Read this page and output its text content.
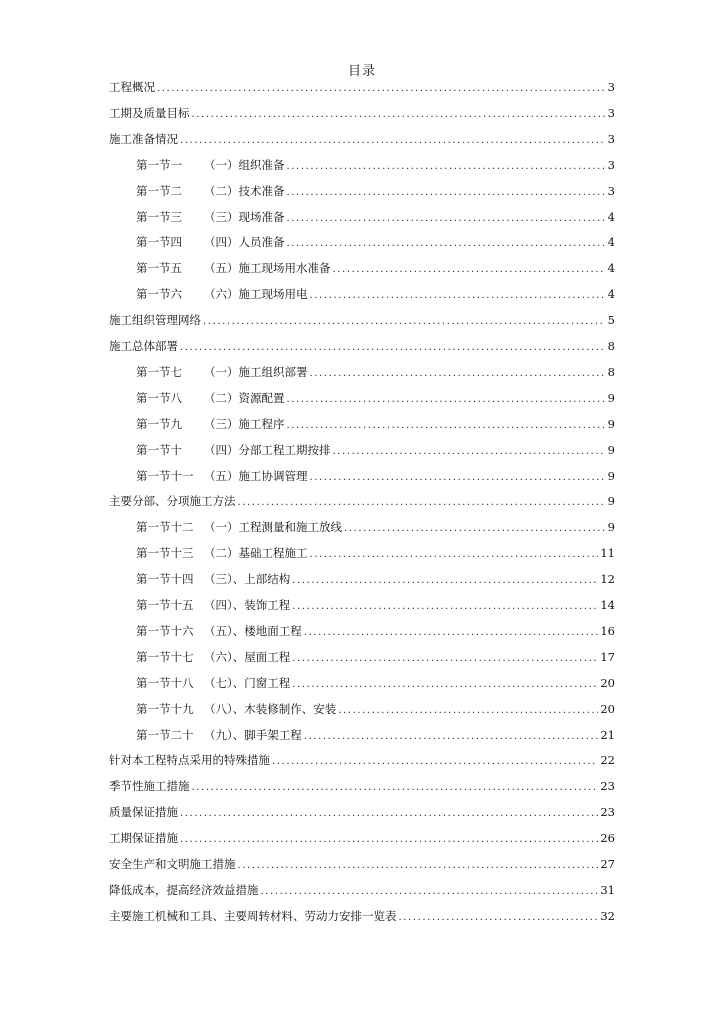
目录
工程概况 .....	3
工期及质量目标 .....	3
施工准备情况 .....	3
第一节一	（一）组织准备 .....	3
第一节二	（二）技术准备 .....	3
第一节三	（三）现场准备 .....	4
第一节四	（四）人员准备 .....	4
第一节五	（五）施工现场用水准备 .....	4
第一节六	（六）施工现场用电 .....	4
施工组织管理网络 .....	5
施工总体部署 .....	8
第一节七	（一）施工组织部署 .....	8
第一节八	（二）资源配置 .....	9
第一节九	（三）施工程序 .....	9
第一节十	（四）分部工程工期按排 .....	9
第一节十一 （五）施工协调管理 .....	9
主要分部、分项施工方法 .....	9
第一节十二 （一）工程测量和施工放线 .....	9
第一节十三 （二）基础工程施工 .....	11
第一节十四 （三）、上部结构 .....	12
第一节十五 （四）、装饰工程 .....	14
第一节十六 （五）、楼地面工程 .....	16
第一节十七 （六）、屋面工程 .....	17
第一节十八 （七）、门窗工程 .....	20
第一节十九 （八）、木装修制作、安装 .....	20
第一节二十 （九）、脚手架工程 .....	21
针对本工程特点采用的特殊措施 .....	22
季节性施工措施 .....	23
质量保证措施 .....	23
工期保证措施 .....	26
安全生产和文明施工措施 .....	27
降低成本，提高经济效益措施 .....	31
主要施工机械和工具、主要周转材料、劳动力安排一览表 .....	32
